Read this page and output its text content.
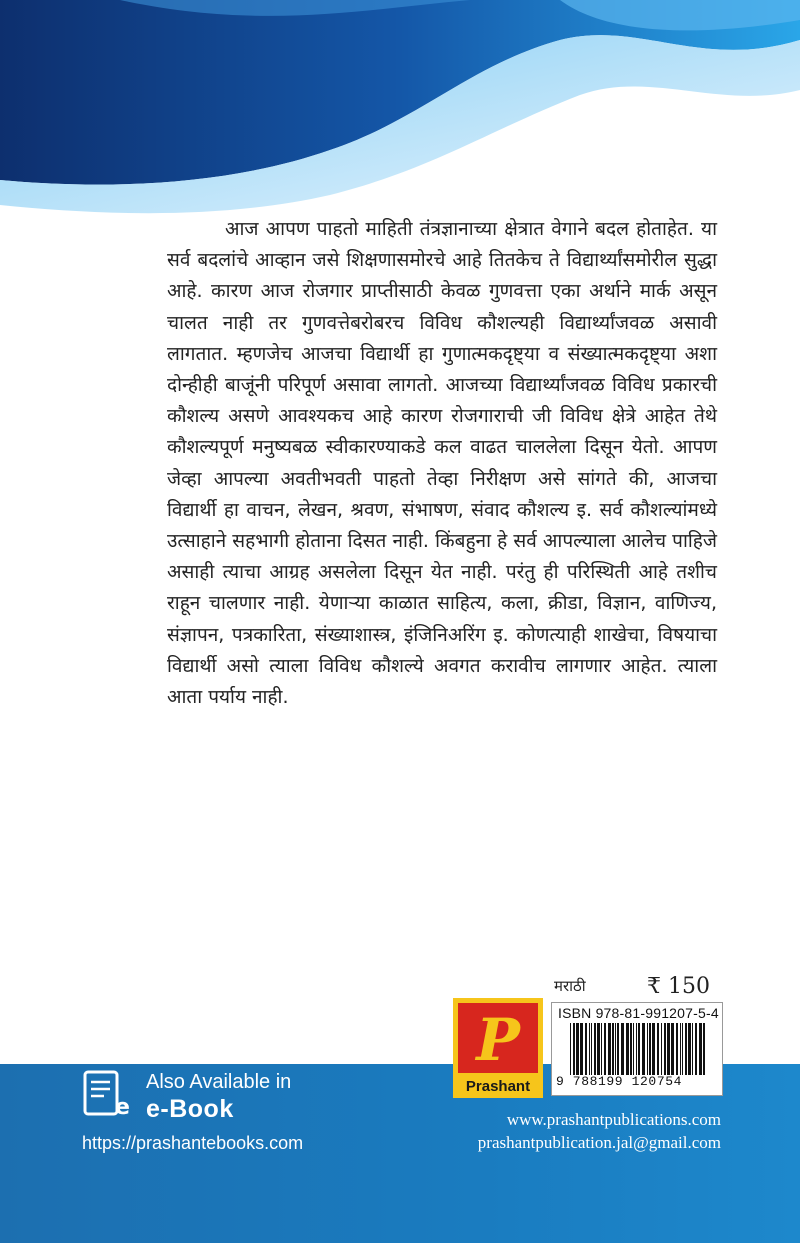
आज आपण पाहतो माहिती तंत्रज्ञानाच्या क्षेत्रात वेगाने बदल होताहेत. या सर्व बदलांचे आव्हान जसे शिक्षणासमोरचे आहे तितकेच ते विद्यार्थ्यांसमोरील सुद्धा आहे. कारण आज रोजगार प्राप्तीसाठी केवळ गुणवत्ता एका अर्थाने मार्क असून चालत नाही तर गुणवत्तेबरोबरच विविध कौशल्यही विद्यार्थ्यांजवळ असावी लागतात. म्हणजेच आजचा विद्यार्थी हा गुणात्मकदृष्ट्या व संख्यात्मकदृष्ट्या अशा दोन्हीही बाजूंनी परिपूर्ण असावा लागतो. आजच्या विद्यार्थ्यांजवळ विविध प्रकारची कौशल्य असणे आवश्यकच आहे कारण रोजगाराची जी विविध क्षेत्रे आहेत तेथे कौशल्यपूर्ण मनुष्यबळ स्वीकारण्याकडे कल वाढत चाललेला दिसून येतो. आपण जेव्हा आपल्या अवतीभवती पाहतो तेव्हा निरीक्षण असे सांगते की, आजचा विद्यार्थी हा वाचन, लेखन, श्रवण, संभाषण, संवाद कौशल्य इ. सर्व कौशल्यांमध्ये उत्साहाने सहभागी होताना दिसत नाही. किंबहुना हे सर्व आपल्याला आलेच पाहिजे असाही त्याचा आग्रह असलेला दिसून येत नाही. परंतु ही परिस्थिती आहे तशीच राहून चालणार नाही. येणाऱ्या काळात साहित्य, कला, क्रीडा, विज्ञान, वाणिज्य, संज्ञापन, पत्रकारिता, संख्याशास्त्र, इंजिनिअरिंग इ. कोणत्याही शाखेचा, विषयाचा विद्यार्थी असो त्याला विविध कौशल्ये अवगत करावीच लागणार आहेत. त्याला आता पर्याय नाही.
मराठी	₹ 150
P
Prashant
ISBN 978-81-991207-5-4
9 788199 120754
e
Also Available in
e-Book
https://prashantebooks.com
www.prashantpublications.com
prashantpublication.jal@gmail.com
